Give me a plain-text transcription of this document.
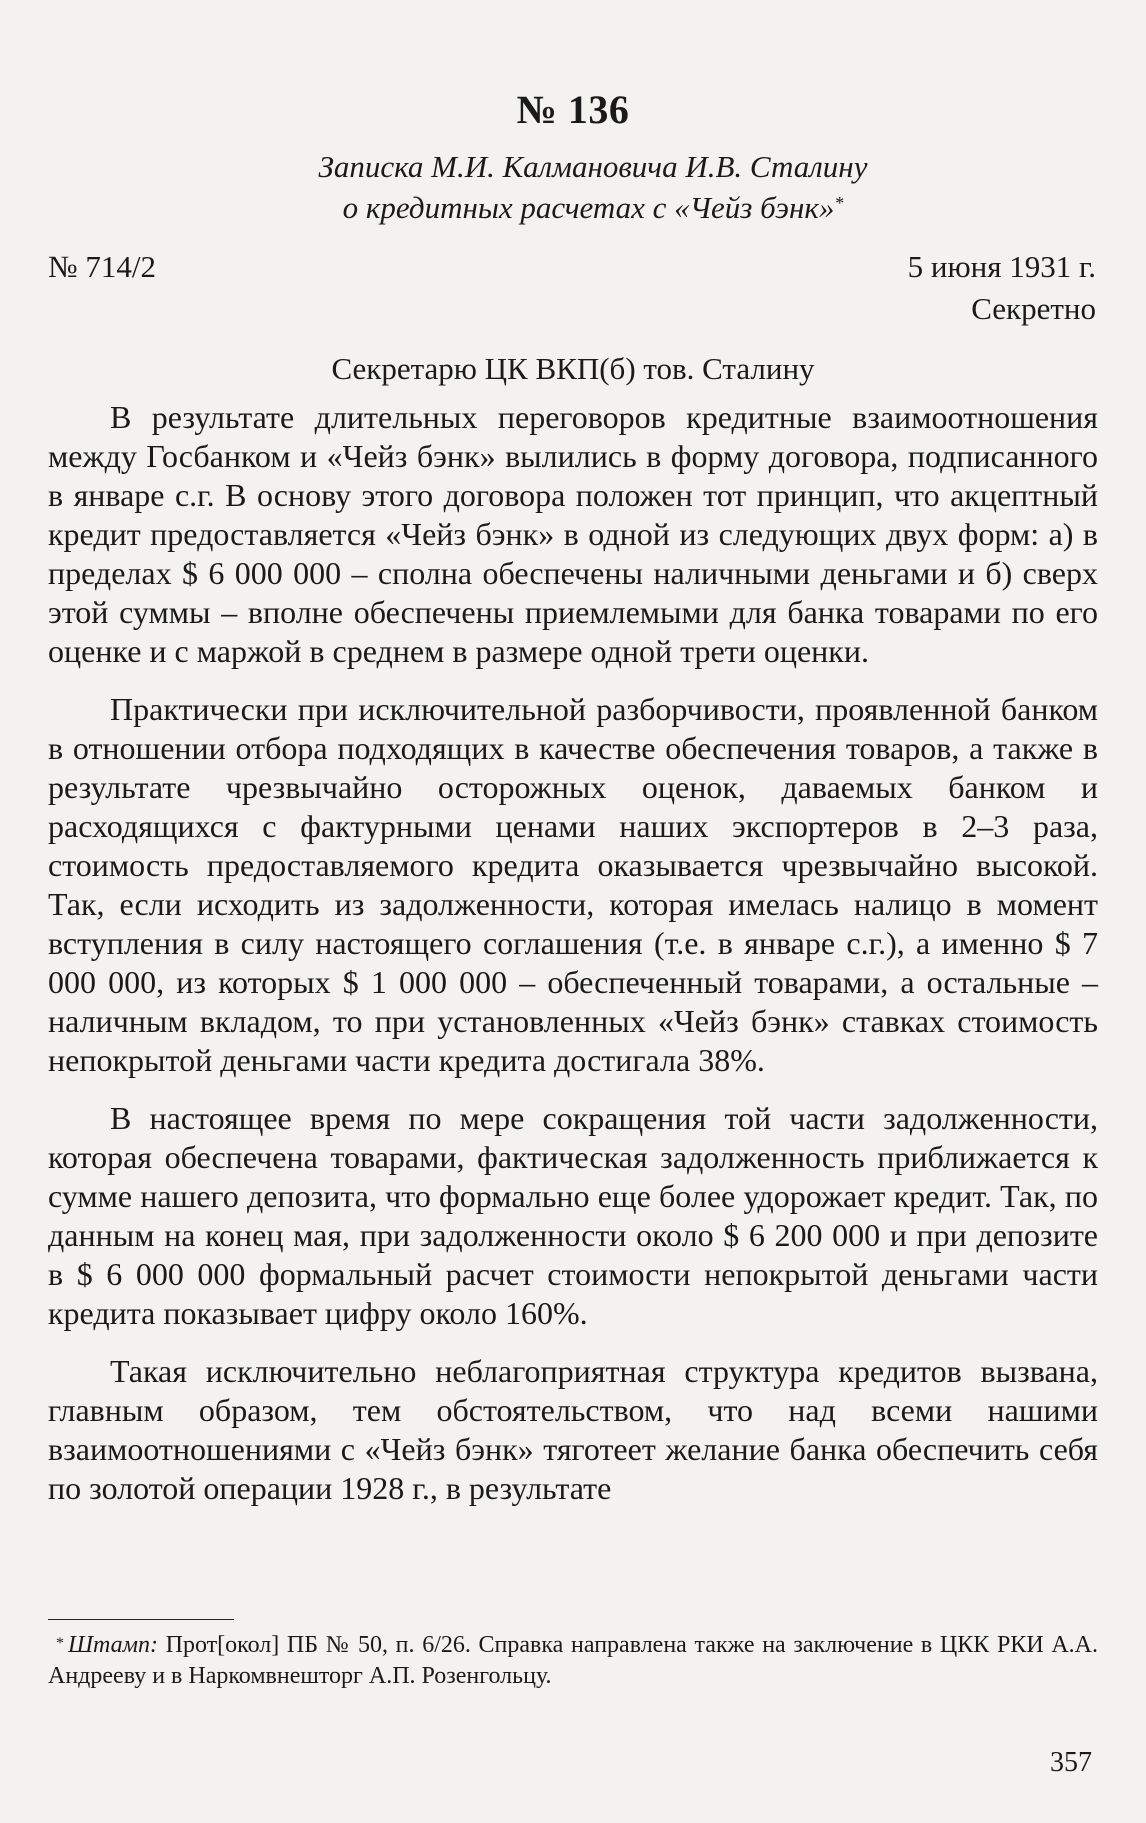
№ 136
Записка М.И. Калмановича И.В. Сталину
о кредитных расчетах с «Чейз бэнк»*
№ 714/2	5 июня 1931 г.
Секретно
Секретарю ЦК ВКП(б) тов. Сталину

В результате длительных переговоров кредитные взаимоотношения между Госбанком и «Чейз бэнк» вылились в форму договора, подписанного в январе с.г. В основу этого договора положен тот принцип, что акцептный кредит предоставляется «Чейз бэнк» в одной из следующих двух форм: а) в пределах $ 6 000 000 – сполна обеспечены наличными деньгами и б) сверх этой суммы – вполне обеспечены приемлемыми для банка товарами по его оценке и с маржой в среднем в размере одной трети оценки.

Практически при исключительной разборчивости, проявленной банком в отношении отбора подходящих в качестве обеспечения товаров, а также в результате чрезвычайно осторожных оценок, даваемых банком и расходящихся с фактурными ценами наших экспортеров в 2–3 раза, стоимость предоставляемого кредита оказывается чрезвычайно высокой. Так, если исходить из задолженности, которая имелась налицо в момент вступления в силу настоящего соглашения (т.е. в январе с.г.), а именно $ 7 000 000, из которых $ 1 000 000 – обеспеченный товарами, а остальные – наличным вкладом, то при установленных «Чейз бэнк» ставках стоимость непокрытой деньгами части кредита достигала 38%.

В настоящее время по мере сокращения той части задолженности, которая обеспечена товарами, фактическая задолженность приближается к сумме нашего депозита, что формально еще более удорожает кредит. Так, по данным на конец мая, при задолженности около $ 6 200 000 и при депозите в $ 6 000 000 формальный расчет стоимости непокрытой деньгами части кредита показывает цифру около 160%.

Такая исключительно неблагоприятная структура кредитов вызвана, главным образом, тем обстоятельством, что над всеми нашими взаимоотношениями с «Чейз бэнк» тяготеет желание банка обеспечить себя по золотой операции 1928 г., в результате

* Штамп: Прот[окол] ПБ № 50, п. 6/26. Справка направлена также на заключение в ЦКК РКИ А.А. Андрееву и в Наркомвнешторг А.П. Розенгольцу.
357
